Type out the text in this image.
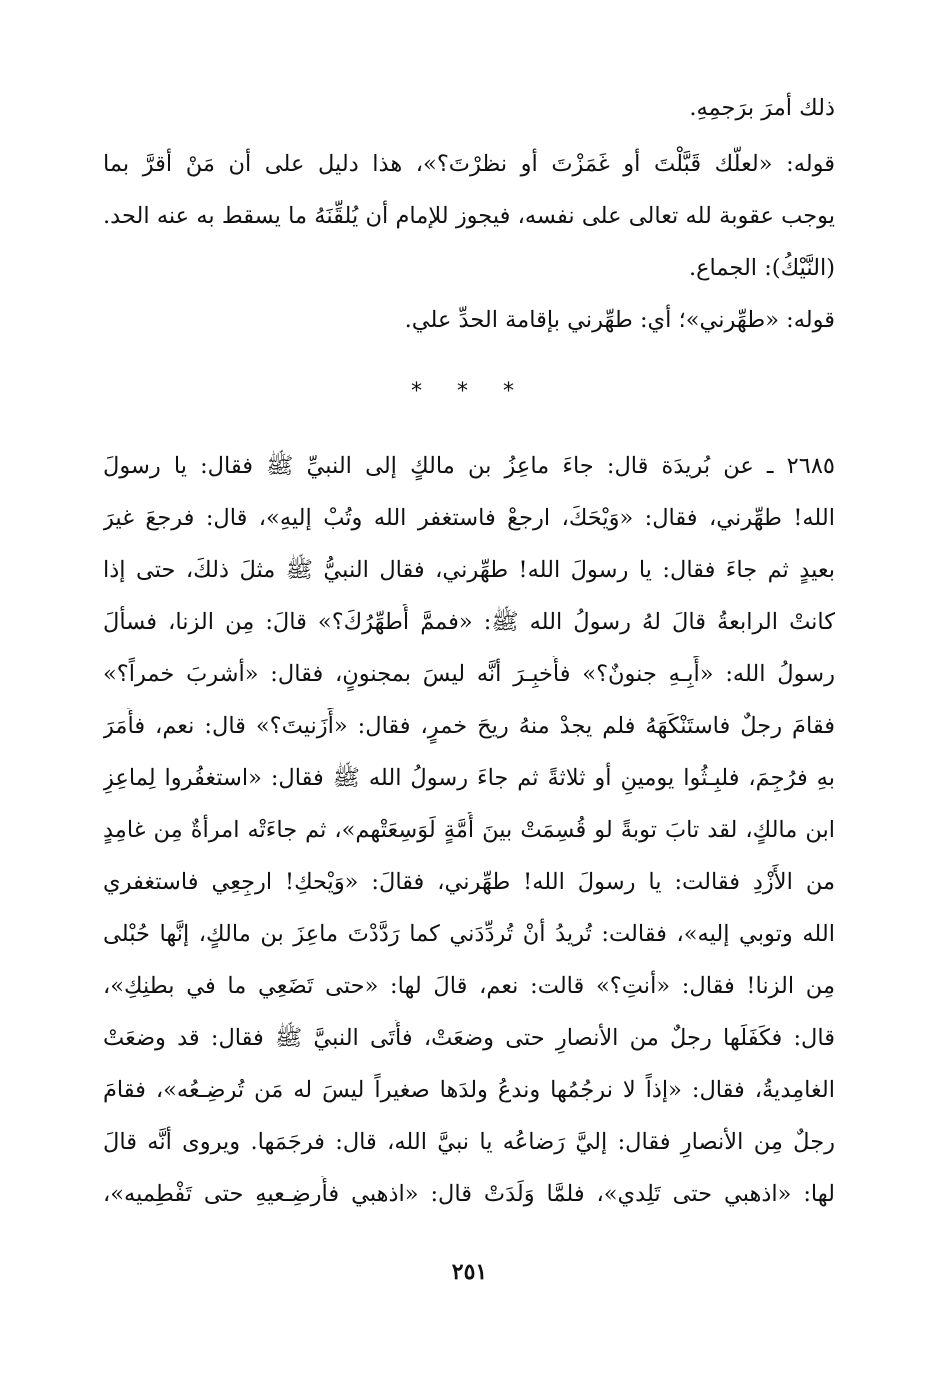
ذلك أمرَ برَجمِهِ.
قوله: «لعلَّك قَبَّلْتَ أو غَمَزْتَ أو نظرْتَ؟»، هذا دليل على أن مَنْ أقرَّ بما
يوجب عقوبة لله تعالى على نفسه، فيجوز للإمام أن يُلقِّنَهُ ما يسقط به عنه الحد.
(النَّيْكُ): الجماع.
قوله: «طهِّرني»؛ أي: طهِّرني بإقامة الحدِّ علي.
* * *
٢٦٨٥ ـ عن بُريدَة قال: جاءَ ماعِزُ بن مالكٍ إلى النبيِّ ﷺ فقال: يا رسولَ
الله! طهِّرني، فقال: «وَيْحَكَ، ارجعْ فاستغفر الله وتُبْ إليهِ»، قال: فرجعَ غيرَ
بعيدٍ ثم جاءَ فقال: يا رسولَ الله! طهِّرني، فقال النبيُّ ﷺ مثلَ ذلكَ، حتى إذا
كانتْ الرابعةُ قالَ لهُ رسولُ الله ﷺ: «فممَّ أُطهِّرُكَ؟» قالَ: مِن الزنا، فسألَ
رسولُ الله: «أَبِـهِ جنونٌ؟» فأُخبِـرَ أنَّه ليسَ بمجنونٍ، فقال: «أشربَ خمراً؟»
فقامَ رجلٌ فاستَنْكَهَهُ فلم يجدْ منهُ ريحَ خمرٍ، فقال: «أَزَنيتَ؟» قال: نعم، فأَمَرَ
بهِ فرُجِمَ، فلبِـثُوا يومينِ أو ثلاثةً ثم جاءَ رسولُ الله ﷺ فقال: «استغفُروا لِماعِزِ
ابن مالكٍ، لقد تابَ توبةً لو قُسِمَتْ بينَ أُمَّةٍ لَوَسِعَتْهم»، ثم جاءَتْه امرأةٌ مِن غامِدٍ
من الأَزْدِ فقالت: يا رسولَ الله! طهِّرني، فقالَ: «وَيْحكِ! ارجِعِي فاستغفري
الله وتوبي إليه»، فقالت: تُريدُ أنْ تُردِّدَني كما رَدَّدْتَ ماعِزَ بن مالكٍ، إنَّها حُبْلى
مِن الزنا! فقال: «أنتِ؟» قالت: نعم، قالَ لها: «حتى تَضَعِي ما في بطنِكِ»،
قال: فكَفَلَها رجلٌ من الأنصارِ حتى وضعَتْ، فأَتَى النبيَّ ﷺ فقال: قد وضعَتْ
الغامِديةُ، فقال: «إذاً لا نرجُمُها وندعُ ولدَها صغيراً ليسَ له مَن تُرضِـعُه»، فقامَ
رجلٌ مِن الأنصارِ فقال: إليَّ رَضاعُه يا نبيَّ الله، قال: فرجَمَها. ويروى أنَّه قالَ
لها: «اذهبي حتى تَلِدي»، فلمَّا وَلَدَتْ قال: «اذهبي فأَرضِـعيهِ حتى تَفْطِميه»،
٢٥١
